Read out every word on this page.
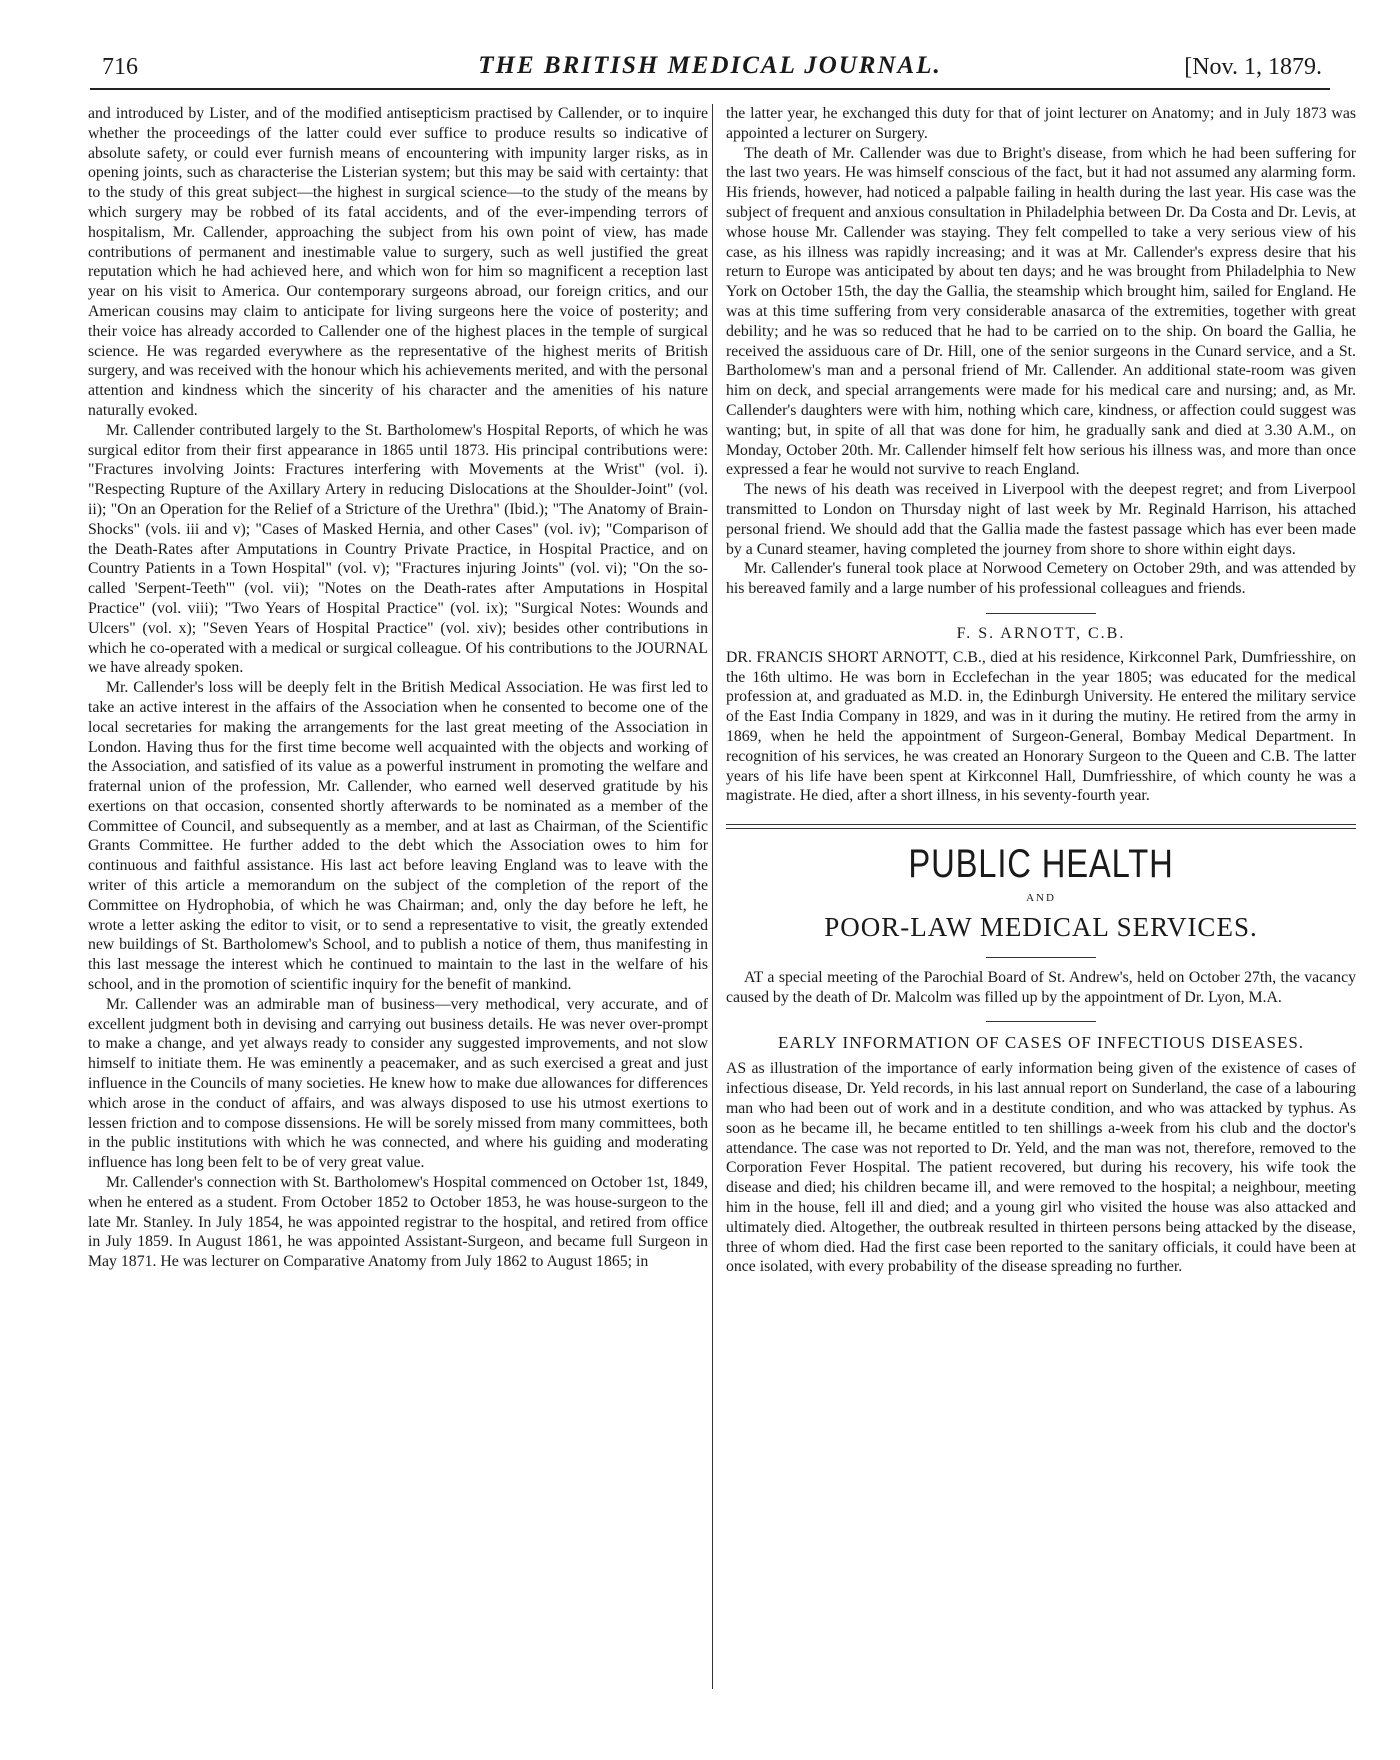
716	THE BRITISH MEDICAL JOURNAL.	[Nov. 1, 1879.

and introduced by Lister, and of the modified antisepticism practised by Callender, or to inquire whether the proceedings of the latter could ever suffice to produce results so indicative of absolute safety, or could ever furnish means of encountering with impunity larger risks, as in opening joints, such as characterise the Listerian system; but this may be said with certainty: that to the study of this great subject—the highest in surgical science—to the study of the means by which surgery may be robbed of its fatal accidents, and of the ever-impending terrors of hospitalism, Mr. Callender, approaching the subject from his own point of view, has made contributions of permanent and inestimable value to surgery, such as well justified the great reputation which he had achieved here, and which won for him so magnificent a reception last year on his visit to America. Our contemporary surgeons abroad, our foreign critics, and our American cousins may claim to anticipate for living surgeons here the voice of posterity; and their voice has already accorded to Callender one of the highest places in the temple of surgical science. He was regarded everywhere as the representative of the highest merits of British surgery, and was received with the honour which his achievements merited, and with the personal attention and kindness which the sincerity of his character and the amenities of his nature naturally evoked.

Mr. Callender contributed largely to the St. Bartholomew's Hospital Reports, of which he was surgical editor from their first appearance in 1865 until 1873. His principal contributions were: "Fractures involving Joints: Fractures interfering with Movements at the Wrist" (vol. i). "Respecting Rupture of the Axillary Artery in reducing Dislocations at the Shoulder-Joint" (vol. ii); "On an Operation for the Relief of a Stricture of the Urethra" (Ibid.); "The Anatomy of Brain-Shocks" (vols. iii and v); "Cases of Masked Hernia, and other Cases" (vol. iv); "Comparison of the Death-Rates after Amputations in Country Private Practice, in Hospital Practice, and on Country Patients in a Town Hospital" (vol. v); "Fractures injuring Joints" (vol. vi); "On the so-called 'Serpent-Teeth'" (vol. vii); "Notes on the Death-rates after Amputations in Hospital Practice" (vol. viii); "Two Years of Hospital Practice" (vol. ix); "Surgical Notes: Wounds and Ulcers" (vol. x); "Seven Years of Hospital Practice" (vol. xiv); besides other contributions in which he co-operated with a medical or surgical colleague. Of his contributions to the JOURNAL we have already spoken.

Mr. Callender's loss will be deeply felt in the British Medical Association. He was first led to take an active interest in the affairs of the Association when he consented to become one of the local secretaries for making the arrangements for the last great meeting of the Association in London. Having thus for the first time become well acquainted with the objects and working of the Association, and satisfied of its value as a powerful instrument in promoting the welfare and fraternal union of the profession, Mr. Callender, who earned well deserved gratitude by his exertions on that occasion, consented shortly afterwards to be nominated as a member of the Committee of Council, and subsequently as a member, and at last as Chairman, of the Scientific Grants Committee. He further added to the debt which the Association owes to him for continuous and faithful assistance. His last act before leaving England was to leave with the writer of this article a memorandum on the subject of the completion of the report of the Committee on Hydrophobia, of which he was Chairman; and, only the day before he left, he wrote a letter asking the editor to visit, or to send a representative to visit, the greatly extended new buildings of St. Bartholomew's School, and to publish a notice of them, thus manifesting in this last message the interest which he continued to maintain to the last in the welfare of his school, and in the promotion of scientific inquiry for the benefit of mankind.

Mr. Callender was an admirable man of business—very methodical, very accurate, and of excellent judgment both in devising and carrying out business details. He was never over-prompt to make a change, and yet always ready to consider any suggested improvements, and not slow himself to initiate them. He was eminently a peacemaker, and as such exercised a great and just influence in the Councils of many societies. He knew how to make due allowances for differences which arose in the conduct of affairs, and was always disposed to use his utmost exertions to lessen friction and to compose dissensions. He will be sorely missed from many committees, both in the public institutions with which he was connected, and where his guiding and moderating influence has long been felt to be of very great value.

Mr. Callender's connection with St. Bartholomew's Hospital commenced on October 1st, 1849, when he entered as a student. From October 1852 to October 1853, he was house-surgeon to the late Mr. Stanley. In July 1854, he was appointed registrar to the hospital, and retired from office in July 1859. In August 1861, he was appointed Assistant-Surgeon, and became full Surgeon in May 1871. He was lecturer on Comparative Anatomy from July 1862 to August 1865; in

the latter year, he exchanged this duty for that of joint lecturer on Anatomy; and in July 1873 was appointed a lecturer on Surgery.

The death of Mr. Callender was due to Bright's disease, from which he had been suffering for the last two years. He was himself conscious of the fact, but it had not assumed any alarming form. His friends, however, had noticed a palpable failing in health during the last year. His case was the subject of frequent and anxious consultation in Philadelphia between Dr. Da Costa and Dr. Levis, at whose house Mr. Callender was staying. They felt compelled to take a very serious view of his case, as his illness was rapidly increasing; and it was at Mr. Callender's express desire that his return to Europe was anticipated by about ten days; and he was brought from Philadelphia to New York on October 15th, the day the Gallia, the steamship which brought him, sailed for England. He was at this time suffering from very considerable anasarca of the extremities, together with great debility; and he was so reduced that he had to be carried on to the ship. On board the Gallia, he received the assiduous care of Dr. Hill, one of the senior surgeons in the Cunard service, and a St. Bartholomew's man and a personal friend of Mr. Callender. An additional state-room was given him on deck, and special arrangements were made for his medical care and nursing; and, as Mr. Callender's daughters were with him, nothing which care, kindness, or affection could suggest was wanting; but, in spite of all that was done for him, he gradually sank and died at 3.30 A.M., on Monday, October 20th. Mr. Callender himself felt how serious his illness was, and more than once expressed a fear he would not survive to reach England.

The news of his death was received in Liverpool with the deepest regret; and from Liverpool transmitted to London on Thursday night of last week by Mr. Reginald Harrison, his attached personal friend. We should add that the Gallia made the fastest passage which has ever been made by a Cunard steamer, having completed the journey from shore to shore within eight days.

Mr. Callender's funeral took place at Norwood Cemetery on October 29th, and was attended by his bereaved family and a large number of his professional colleagues and friends.

F. S. ARNOTT, C.B.

DR. FRANCIS SHORT ARNOTT, C.B., died at his residence, Kirkconnel Park, Dumfriesshire, on the 16th ultimo. He was born in Ecclefechan in the year 1805; was educated for the medical profession at, and graduated as M.D. in, the Edinburgh University. He entered the military service of the East India Company in 1829, and was in it during the mutiny. He retired from the army in 1869, when he held the appointment of Surgeon-General, Bombay Medical Department. In recognition of his services, he was created an Honorary Surgeon to the Queen and C.B. The latter years of his life have been spent at Kirkconnel Hall, Dumfriesshire, of which county he was a magistrate. He died, after a short illness, in his seventy-fourth year.

PUBLIC HEALTH
AND
POOR-LAW MEDICAL SERVICES.

AT a special meeting of the Parochial Board of St. Andrew's, held on October 27th, the vacancy caused by the death of Dr. Malcolm was filled up by the appointment of Dr. Lyon, M.A.

EARLY INFORMATION OF CASES OF INFECTIOUS DISEASES.

AS as illustration of the importance of early information being given of the existence of cases of infectious disease, Dr. Yeld records, in his last annual report on Sunderland, the case of a labouring man who had been out of work and in a destitute condition, and who was attacked by typhus. As soon as he became ill, he became entitled to ten shillings a-week from his club and the doctor's attendance. The case was not reported to Dr. Yeld, and the man was not, therefore, removed to the Corporation Fever Hospital. The patient recovered, but during his recovery, his wife took the disease and died; his children became ill, and were removed to the hospital; a neighbour, meeting him in the house, fell ill and died; and a young girl who visited the house was also attacked and ultimately died. Altogether, the outbreak resulted in thirteen persons being attacked by the disease, three of whom died. Had the first case been reported to the sanitary officials, it could have been at once isolated, with every probability of the disease spreading no further.
